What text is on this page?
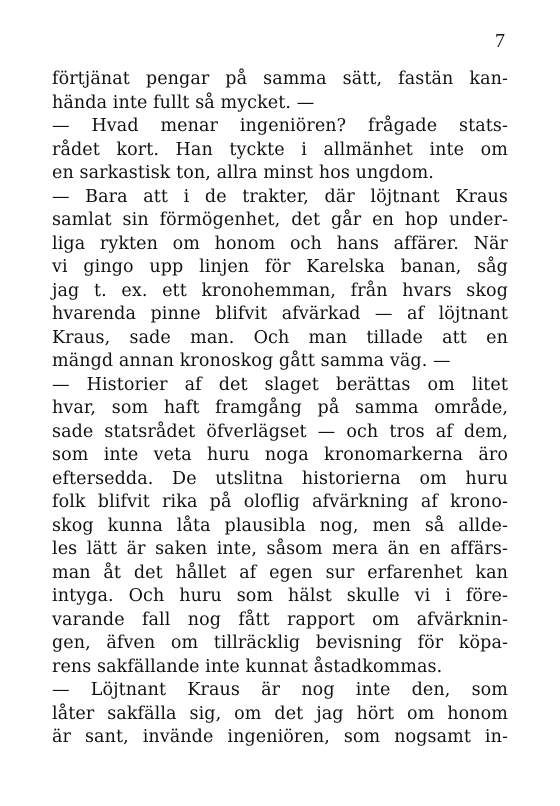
7
förtjänat pengar på samma sätt, fastän kan-
hända inte fullt så mycket. —
— Hvad menar ingeniören? frågade stats-
rådet kort. Han tyckte i allmänhet inte om
en sarkastisk ton, allra minst hos ungdom.
— Bara att i de trakter, där löjtnant Kraus
samlat sin förmögenhet, det går en hop under-
liga rykten om honom och hans affärer. När
vi gingo upp linjen för Karelska banan, såg
jag t. ex. ett kronohemman, från hvars skog
hvarenda pinne blifvit afvärkad — af löjtnant
Kraus, sade man. Och man tillade att en
mängd annan kronoskog gått samma väg. —
— Historier af det slaget berättas om litet
hvar, som haft framgång på samma område,
sade statsrådet öfverlägset — och tros af dem,
som inte veta huru noga kronomarkerna äro
eftersedda. De utslitna historierna om huru
folk blifvit rika på oloflig afvärkning af krono-
skog kunna låta plausibla nog, men så allde-
les lätt är saken inte, såsom mera än en affärs-
man åt det hållet af egen sur erfarenhet kan
intyga. Och huru som hälst skulle vi i före-
varande fall nog fått rapport om afvärknin-
gen, äfven om tillräcklig bevisning för köpa-
rens sakfällande inte kunnat åstadkommas.
— Löjtnant Kraus är nog inte den, som
låter sakfälla sig, om det jag hört om honom
är sant, invände ingeniören, som nogsamt in-
